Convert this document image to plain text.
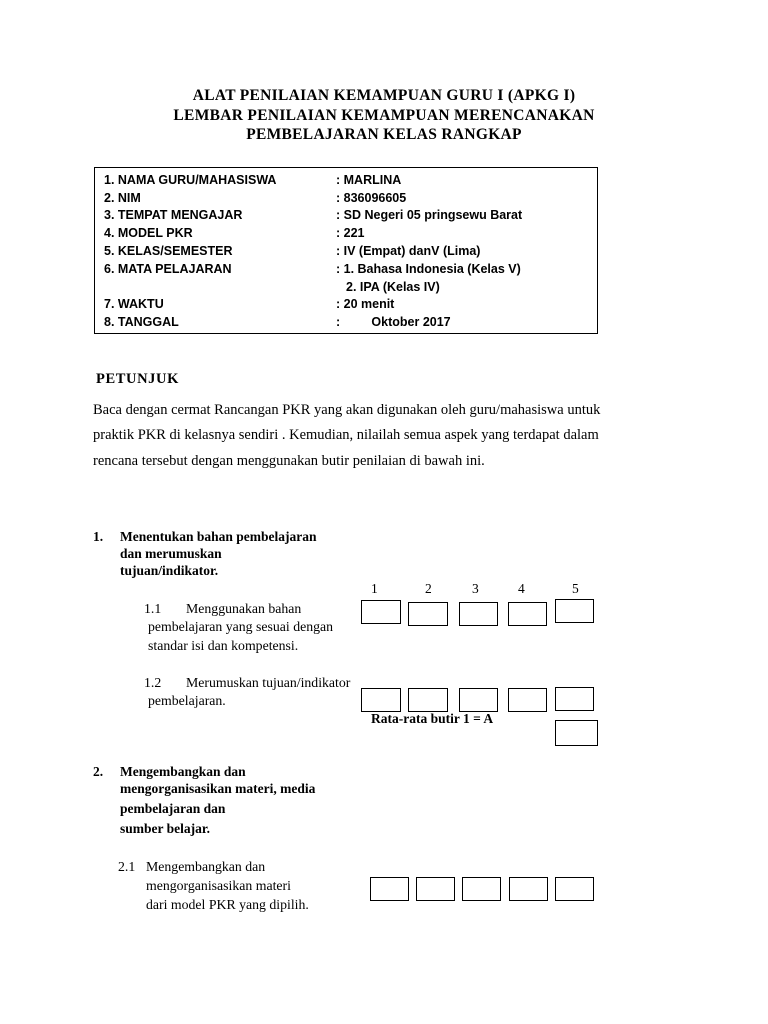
ALAT PENILAIAN KEMAMPUAN GURU I (APKG I)
LEMBAR PENILAIAN KEMAMPUAN MERENCANAKAN
PEMBELAJARAN KELAS RANGKAP
1. NAMA GURU/MAHASISWA	: MARLINA
2. NIM	: 836096605
3. TEMPAT MENGAJAR	: SD Negeri 05 pringsewu Barat
4. MODEL PKR	: 221
5. KELAS/SEMESTER	: IV (Empat) danV (Lima)
6. MATA PELAJARAN	: 1. Bahasa Indonesia (Kelas V)
2. IPA (Kelas IV)
7. WAKTU	: 20 menit
8. TANGGAL	:         Oktober 2017
PETUNJUK
Baca dengan cermat Rancangan PKR yang akan digunakan oleh guru/mahasiswa untuk
praktik PKR di kelasnya sendiri . Kemudian, nilailah semua aspek yang terdapat dalam
rencana tersebut dengan menggunakan butir penilaian di bawah ini.
1. Menentukan bahan pembelajaran
dan merumuskan
tujuan/indikator.
1	2	3	4	5
1.1 Menggunakan bahan
pembelajaran yang sesuai dengan
standar isi dan kompetensi.
1.2 Merumuskan tujuan/indikator
pembelajaran.
Rata-rata butir 1 = A
2. Mengembangkan dan
mengorganisasikan materi, media
pembelajaran dan
sumber belajar.
2.1 Mengembangkan dan
mengorganisasikan materi
dari model PKR yang dipilih.
